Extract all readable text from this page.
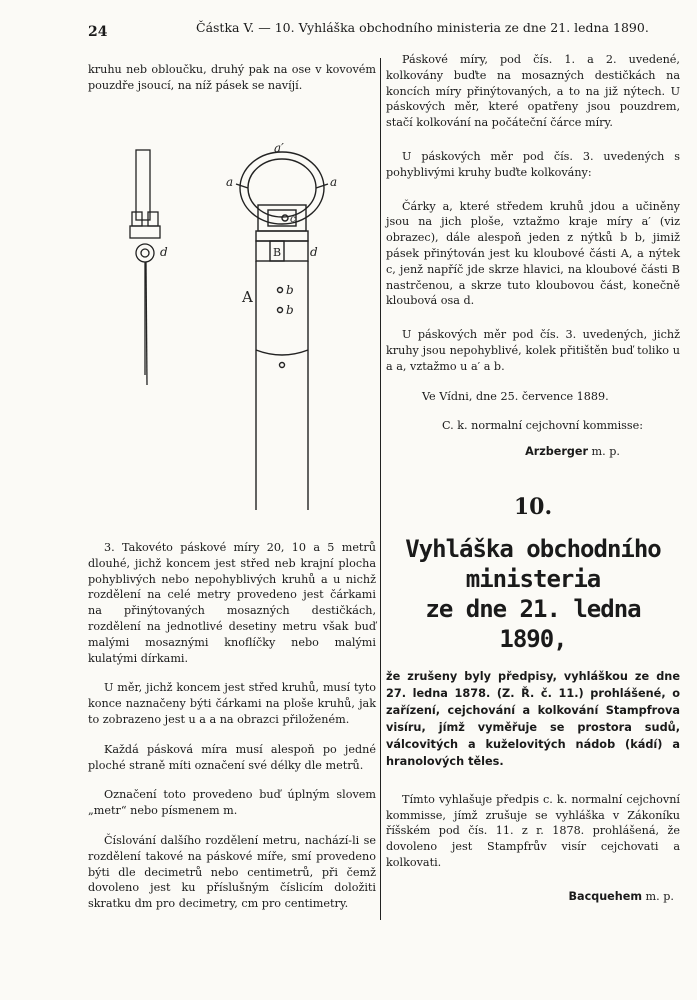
24	Částka V. — 10. Vyhláška obchodního ministeria ze dne 21. ledna 1890.

kruhu neb obloučku, druhý pak na ose v kovovém pouzdře jsoucí, na níž pásek se navíjí.

a	a
a′
c
B
d	d
A	b
b

3. Takovéto páskové míry 20, 10 a 5 metrů dlouhé, jichž koncem jest střed neb krajní plocha pohyblivých nebo nepohyblivých kruhů a u nichž rozdělení na celé metry provedeno jest čárkami na přinýtovaných mosazných destičkách, rozdělení na jednotlivé desetiny metru však buď malými mosaznými knoflíčky nebo malými kulatými dírkami.

U měr, jichž koncem jest střed kruhů, musí tyto konce naznačeny býti čárkami na ploše kruhů, jak to zobrazeno jest u a a na obrazci přiloženém.

Každá pásková míra musí alespoň po jedné ploché straně míti označení své délky dle metrů.

Označení toto provedeno buď úplným slovem „metr“ nebo písmenem m.

Číslování dalšího rozdělení metru, nachází-li se rozdělení takové na páskové míře, smí provedeno býti dle decimetrů nebo centimetrů, při čemž dovoleno jest ku příslušným číslicím doložiti skratku dm pro decimetry, cm pro centimetry.

Páskové míry, pod čís. 1. a 2. uvedené, kolkovány buďte na mosazných destičkách na koncích míry přinýtovaných, a to na již nýtech. U páskových měr, které opatřeny jsou pouzdrem, stačí kolkování na počáteční čárce míry.

U páskových měr pod čís. 3. uvedených s pohyblivými kruhy buďte kolkovány:

Čárky a, které středem kruhů jdou a učiněny jsou na jich ploše, vztažmo kraje míry a′ (viz obrazec), dále alespoň jeden z nýtků b b, jimiž pásek přinýtován jest ku kloubové části A, a nýtek c, jenž napříč jde skrze hlavici, na kloubové části B nastrčenou, a skrze tuto kloubovou část, konečně kloubová osa d.

U páskových měr pod čís. 3. uvedených, jichž kruhy jsou nepohyblivé, kolek přitištěn buď toliko u a a, vztažmo u a′ a b.

Ve Vídni, dne 25. července 1889.

C. k. normalní cejchovní kommisse:

Arzberger m. p.

10.
Vyhláška obchodního ministeria
ze dne 21. ledna 1890,

že zrušeny byly předpisy, vyhláškou ze dne 27. ledna 1878. (Z. Ř. č. 11.) prohlášené, o zařízení, cejchování a kolkování Stampfrova visíru, jímž vyměřuje se prostora sudů, válcovitých a kuželovitých nádob (kádí) a hranolových těles.

Tímto vyhlašuje předpis c. k. normalní cejchovní kommisse, jímž zrušuje se vyhláška v Zákoníku říšském pod čís. 11. z r. 1878. prohlášená, že dovoleno jest Stampfrův visír cejchovati a kolkovati.

Bacquehem m. p.
